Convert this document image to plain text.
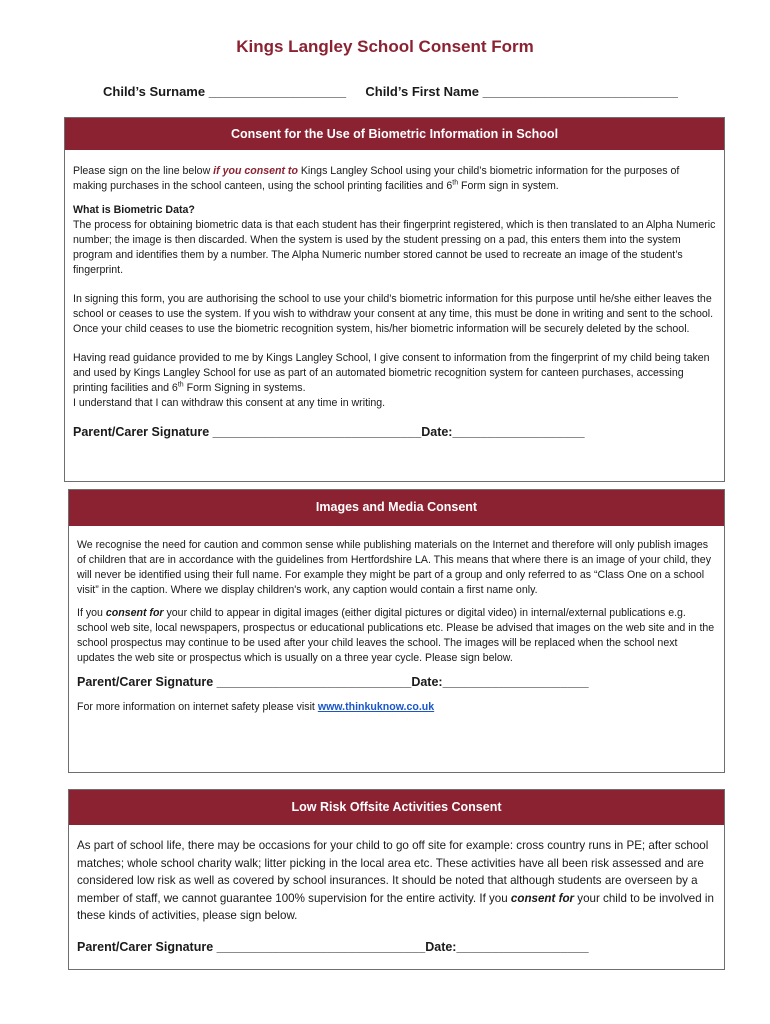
Kings Langley School Consent Form
Child’s Surname ___________________ Child’s First Name ___________________________
Consent for the Use of Biometric Information in School

Please sign on the line below if you consent to Kings Langley School using your child’s biometric information for the purposes of making purchases in the school canteen, using the school printing facilities and 6th Form sign in system.

What is Biometric Data?

The process for obtaining biometric data is that each student has their fingerprint registered, which is then translated to an Alpha Numeric number; the image is then discarded. When the system is used by the student pressing on a pad, this enters them into the system program and identifies them by a number. The Alpha Numeric number stored cannot be used to recreate an image of the student’s fingerprint.

In signing this form, you are authorising the school to use your child’s biometric information for this purpose until he/she either leaves the school or ceases to use the system. If you wish to withdraw your consent at any time, this must be done in writing and sent to the school. Once your child ceases to use the biometric recognition system, his/her biometric information will be securely deleted by the school.

Having read guidance provided to me by Kings Langley School, I give consent to information from the fingerprint of my child being taken and used by Kings Langley School for use as part of an automated biometric recognition system for canteen purchases, accessing printing facilities and 6th Form Signing in systems.

I understand that I can withdraw this consent at any time in writing.

Parent/Carer Signature ______________________________Date:___________________
Images and Media Consent

We recognise the need for caution and common sense while publishing materials on the Internet and therefore will only publish images of children that are in accordance with the guidelines from Hertfordshire LA. This means that where there is an image of your child, they will never be identified using their full name. For example they might be part of a group and only referred to as “Class One on a school visit” in the caption. Where we display children's work, any caption would contain a first name only.

If you consent for your child to appear in digital images (either digital pictures or digital video) in internal/external publications e.g. school web site, local newspapers, prospectus or educational publications etc. Please be advised that images on the web site and in the school prospectus may continue to be used after your child leaves the school. The images will be replaced when the school next updates the web site or prospectus which is usually on a three year cycle. Please sign below.

Parent/Carer Signature ____________________________Date:_____________________

For more information on internet safety please visit www.thinkuknow.co.uk

Low Risk Offsite Activities Consent

As part of school life, there may be occasions for your child to go off site for example: cross country runs in PE; after school matches; whole school charity walk; litter picking in the local area etc. These activities have all been risk assessed and are considered low risk as well as covered by school insurances. It should be noted that although students are overseen by a member of staff, we cannot guarantee 100% supervision for the entire activity. If you consent for your child to be involved in these kinds of activities, please sign below.

Parent/Carer Signature ______________________________Date:___________________
